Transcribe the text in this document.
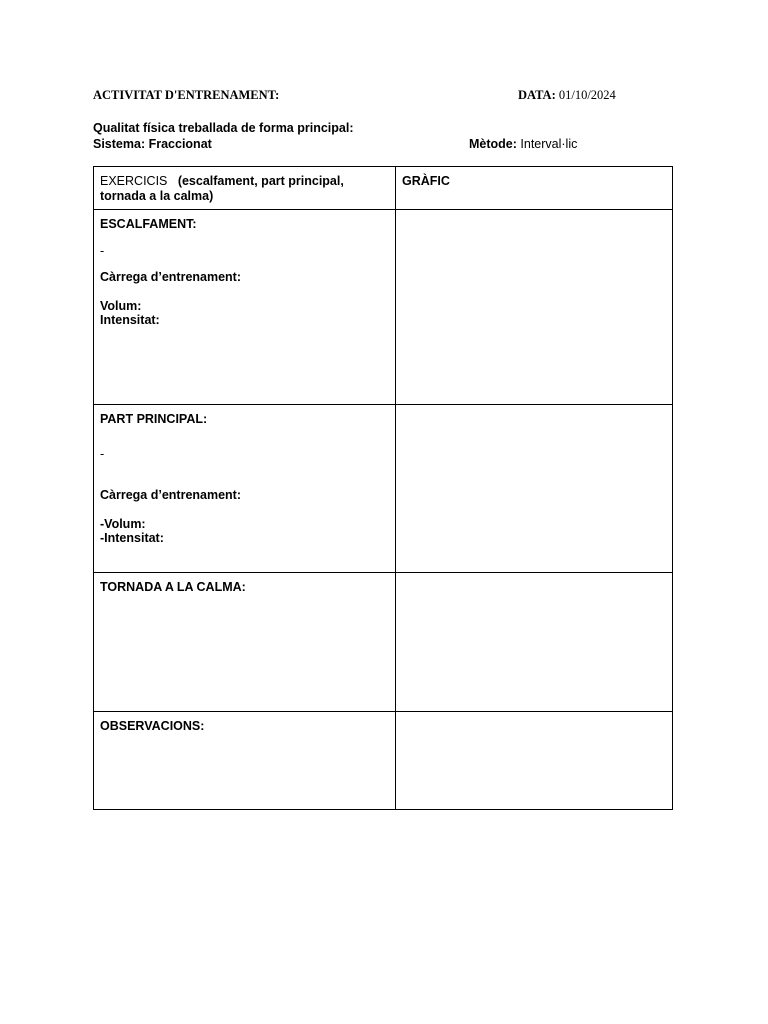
ACTIVITAT D'ENTRENAMENT:	DATA: 01/10/2024
Qualitat física treballada de forma principal:
Sistema: Fraccionat	Mètode: Interval·lic
EXERCICIS (escalfament, part principal, tornada a la calma)	GRÀFIC

ESCALFAMENT:
-
Càrrega d’entrenament:
Volum:
Intensitat:	

PART PRINCIPAL:
-
Càrrega d’entrenament:
-Volum:
-Intensitat:	

TORNADA A LA CALMA:	

OBSERVACIONS:	
